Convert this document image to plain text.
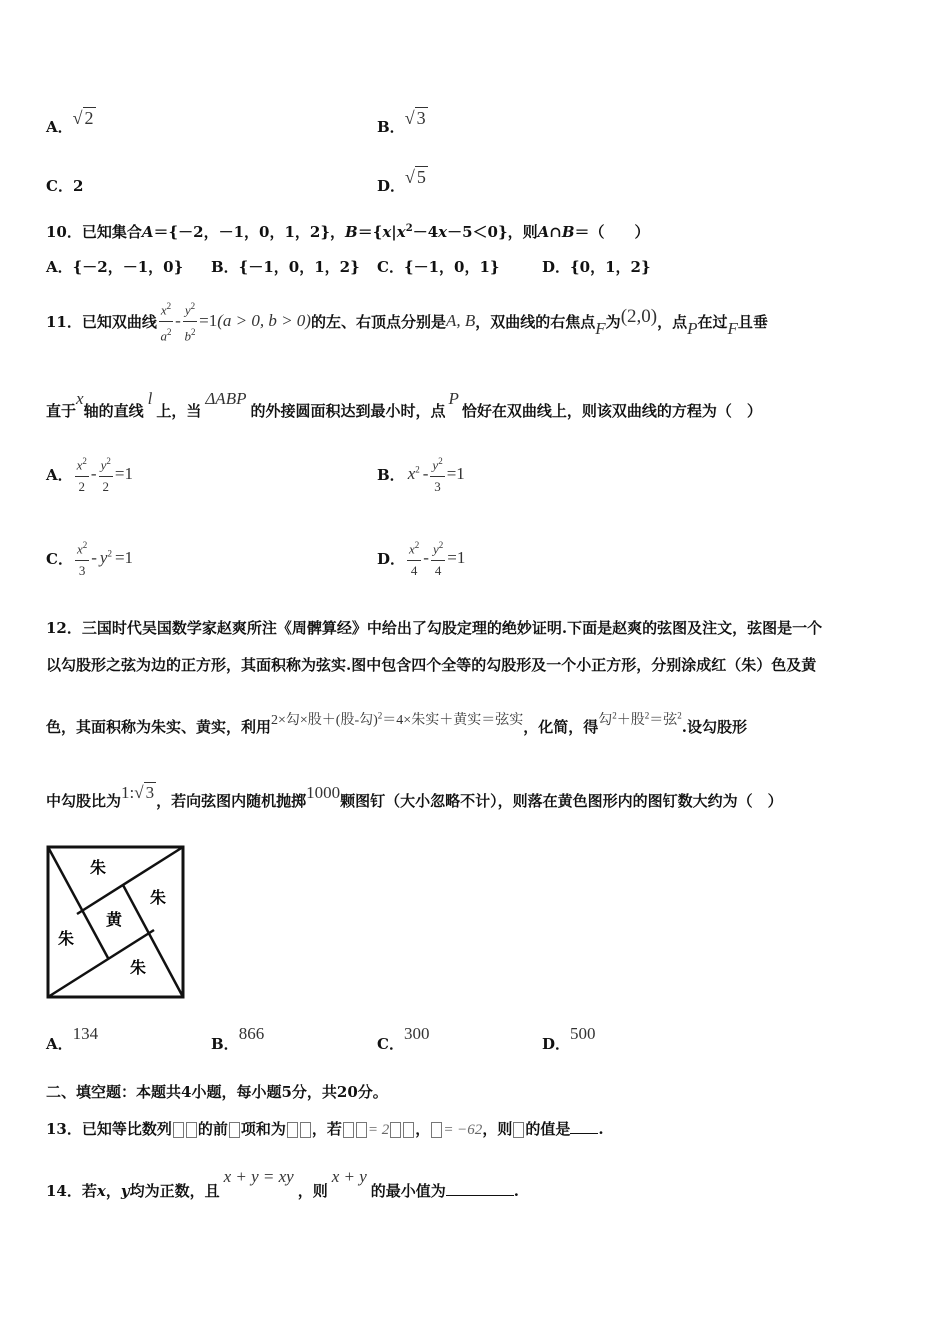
A．√ 2	B．√ 3
C．2	D．√ 5
10．已知集合A＝{－2，－1，0，1，2}，$B=\{x|x^2-4x-5<0\}$，则A∩B＝（　　）
A．{－2，－1，0} B．{－1，0，1，2} C．{－1，0，1}	D．{0，1，2}
11．已知双曲线 $\frac{x^2}{a^2} - \frac{y^2}{b^2} =1$ (a > 0, b > 0) 的左、右顶点分别是 A, B ，双曲线的右焦点 F 为 (2,0) ，点 P 在过 F 且垂
直于x轴的直线l上，当ΔABP的外接圆面积达到最小时，点P恰好在双曲线上，则该双曲线的方程为（　）
A． $\frac{x^2}{2} - \frac{y^2}{2} =1$	B． $x^2 - \frac{y^2}{3} =1$
C． $\frac{x^2}{3} - y^2 =1$	D． $\frac{x^2}{4} - \frac{y^2}{4} =1$
12．三国时代吴国数学家赵爽所注《周髀算经》中给出了勾股定理的绝妙证明.下面是赵爽的弦图及注文，弦图是一个
以勾股形之弦为边的正方形，其面积称为弦实.图中包含四个全等的勾股形及一个小正方形，分别涂成红（朱）色及黄
色，其面积称为朱实、黄实，利用2×勾×股＋(股-勾)$^2$＝4×朱实＋黄实＝弦实，化简，得勾$^2$＋股$^2$＝弦$^2$.设勾股形
中勾股比为1:√ 3 ，若向弦图内随机抛掷1000颗图钉（大小忽略不计），则落在黄色图形内的图钉数大约为（　）
朱
朱
黄
朱
朱
A．134
B．866
C．300
D．500
二、填空题：本题共4小题，每小题5分，共20分。
13．已知等比数列 的前 项和为 ，若 = 2 ， = −62，则 的值是 .
14．若x，y均为正数，且x + y = xy，则x + y的最小值为	.
